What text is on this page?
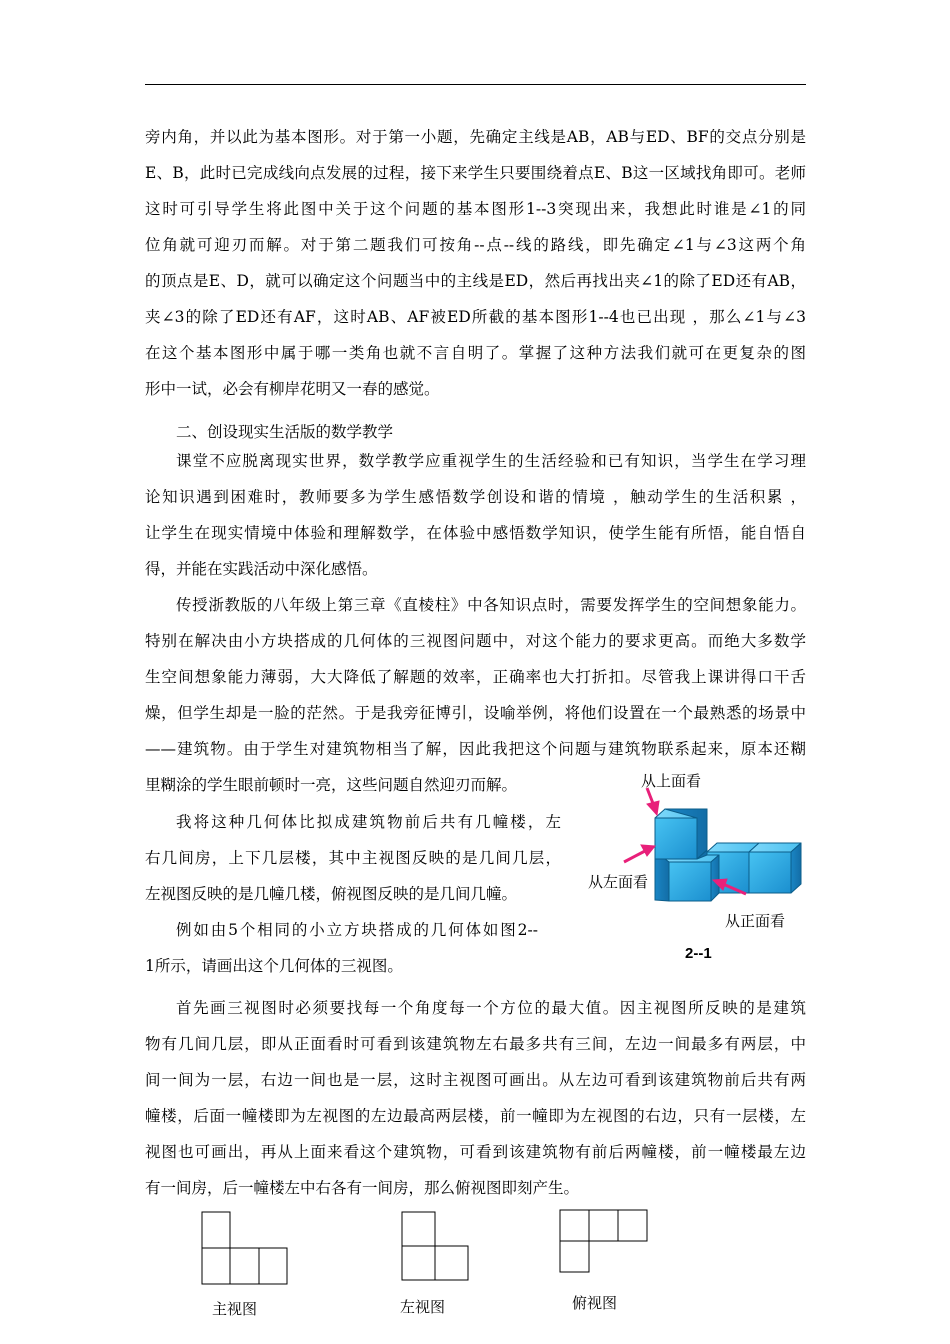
旁内角，并以此为基本图形。对于第一小题，先确定主线是AB，AB与ED、BF的交点分别是
E、B，此时已完成线向点发展的过程，接下来学生只要围绕着点E、B这一区域找角即可。老师
这时可引导学生将此图中关于这个问题的基本图形1--3突现出来，我想此时谁是∠1的同
位角就可迎刃而解。对于第二题我们可按角--点--线的路线，即先确定∠1与∠3这两个角
的顶点是E、D，就可以确定这个问题当中的主线是ED，然后再找出夹∠1的除了ED还有AB，
夹∠3的除了ED还有AF，这时AB、AF被ED所截的基本图形1--4也已出现 ，那么∠1与∠3
在这个基本图形中属于哪一类角也就不言自明了。掌握了这种方法我们就可在更复杂的图
形中一试，必会有柳岸花明又一春的感觉。
二、创设现实生活版的数学教学
课堂不应脱离现实世界，数学教学应重视学生的生活经验和已有知识，当学生在学习理
论知识遇到困难时，教师要多为学生感悟数学创设和谐的情境 ，触动学生的生活积累 ，
让学生在现实情境中体验和理解数学，在体验中感悟数学知识，使学生能有所悟，能自悟自
得，并能在实践活动中深化感悟。
传授浙教版的八年级上第三章《直棱柱》中各知识点时，需要发挥学生的空间想象能力。
特别在解决由小方块搭成的几何体的三视图问题中，对这个能力的要求更高。而绝大多数学
生空间想象能力薄弱，大大降低了解题的效率，正确率也大打折扣。尽管我上课讲得口干舌
燥，但学生却是一脸的茫然。于是我旁征博引，设喻举例，将他们设置在一个最熟悉的场景中
——建筑物。由于学生对建筑物相当了解，因此我把这个问题与建筑物联系起来，原本还糊
里糊涂的学生眼前顿时一亮，这些问题自然迎刃而解。
我将这种几何体比拟成建筑物前后共有几幢楼，左
右几间房，上下几层楼，其中主视图反映的是几间几层，
左视图反映的是几幢几楼，俯视图反映的是几间几幢。
例如由5个相同的小立方块搭成的几何体如图2--
1所示，请画出这个几何体的三视图。
从上面看
从左面看
从正面看
2--1
首先画三视图时必须要找每一个角度每一个方位的最大值。因主视图所反映的是建筑
物有几间几层，即从正面看时可看到该建筑物左右最多共有三间，左边一间最多有两层，中
间一间为一层，右边一间也是一层，这时主视图可画出。从左边可看到该建筑物前后共有两
幢楼，后面一幢楼即为左视图的左边最高两层楼，前一幢即为左视图的右边，只有一层楼，左
视图也可画出，再从上面来看这个建筑物，可看到该建筑物有前后两幢楼，前一幢楼最左边
有一间房，后一幢楼左中右各有一间房，那么俯视图即刻产生。
主视图	左视图	俯视图
